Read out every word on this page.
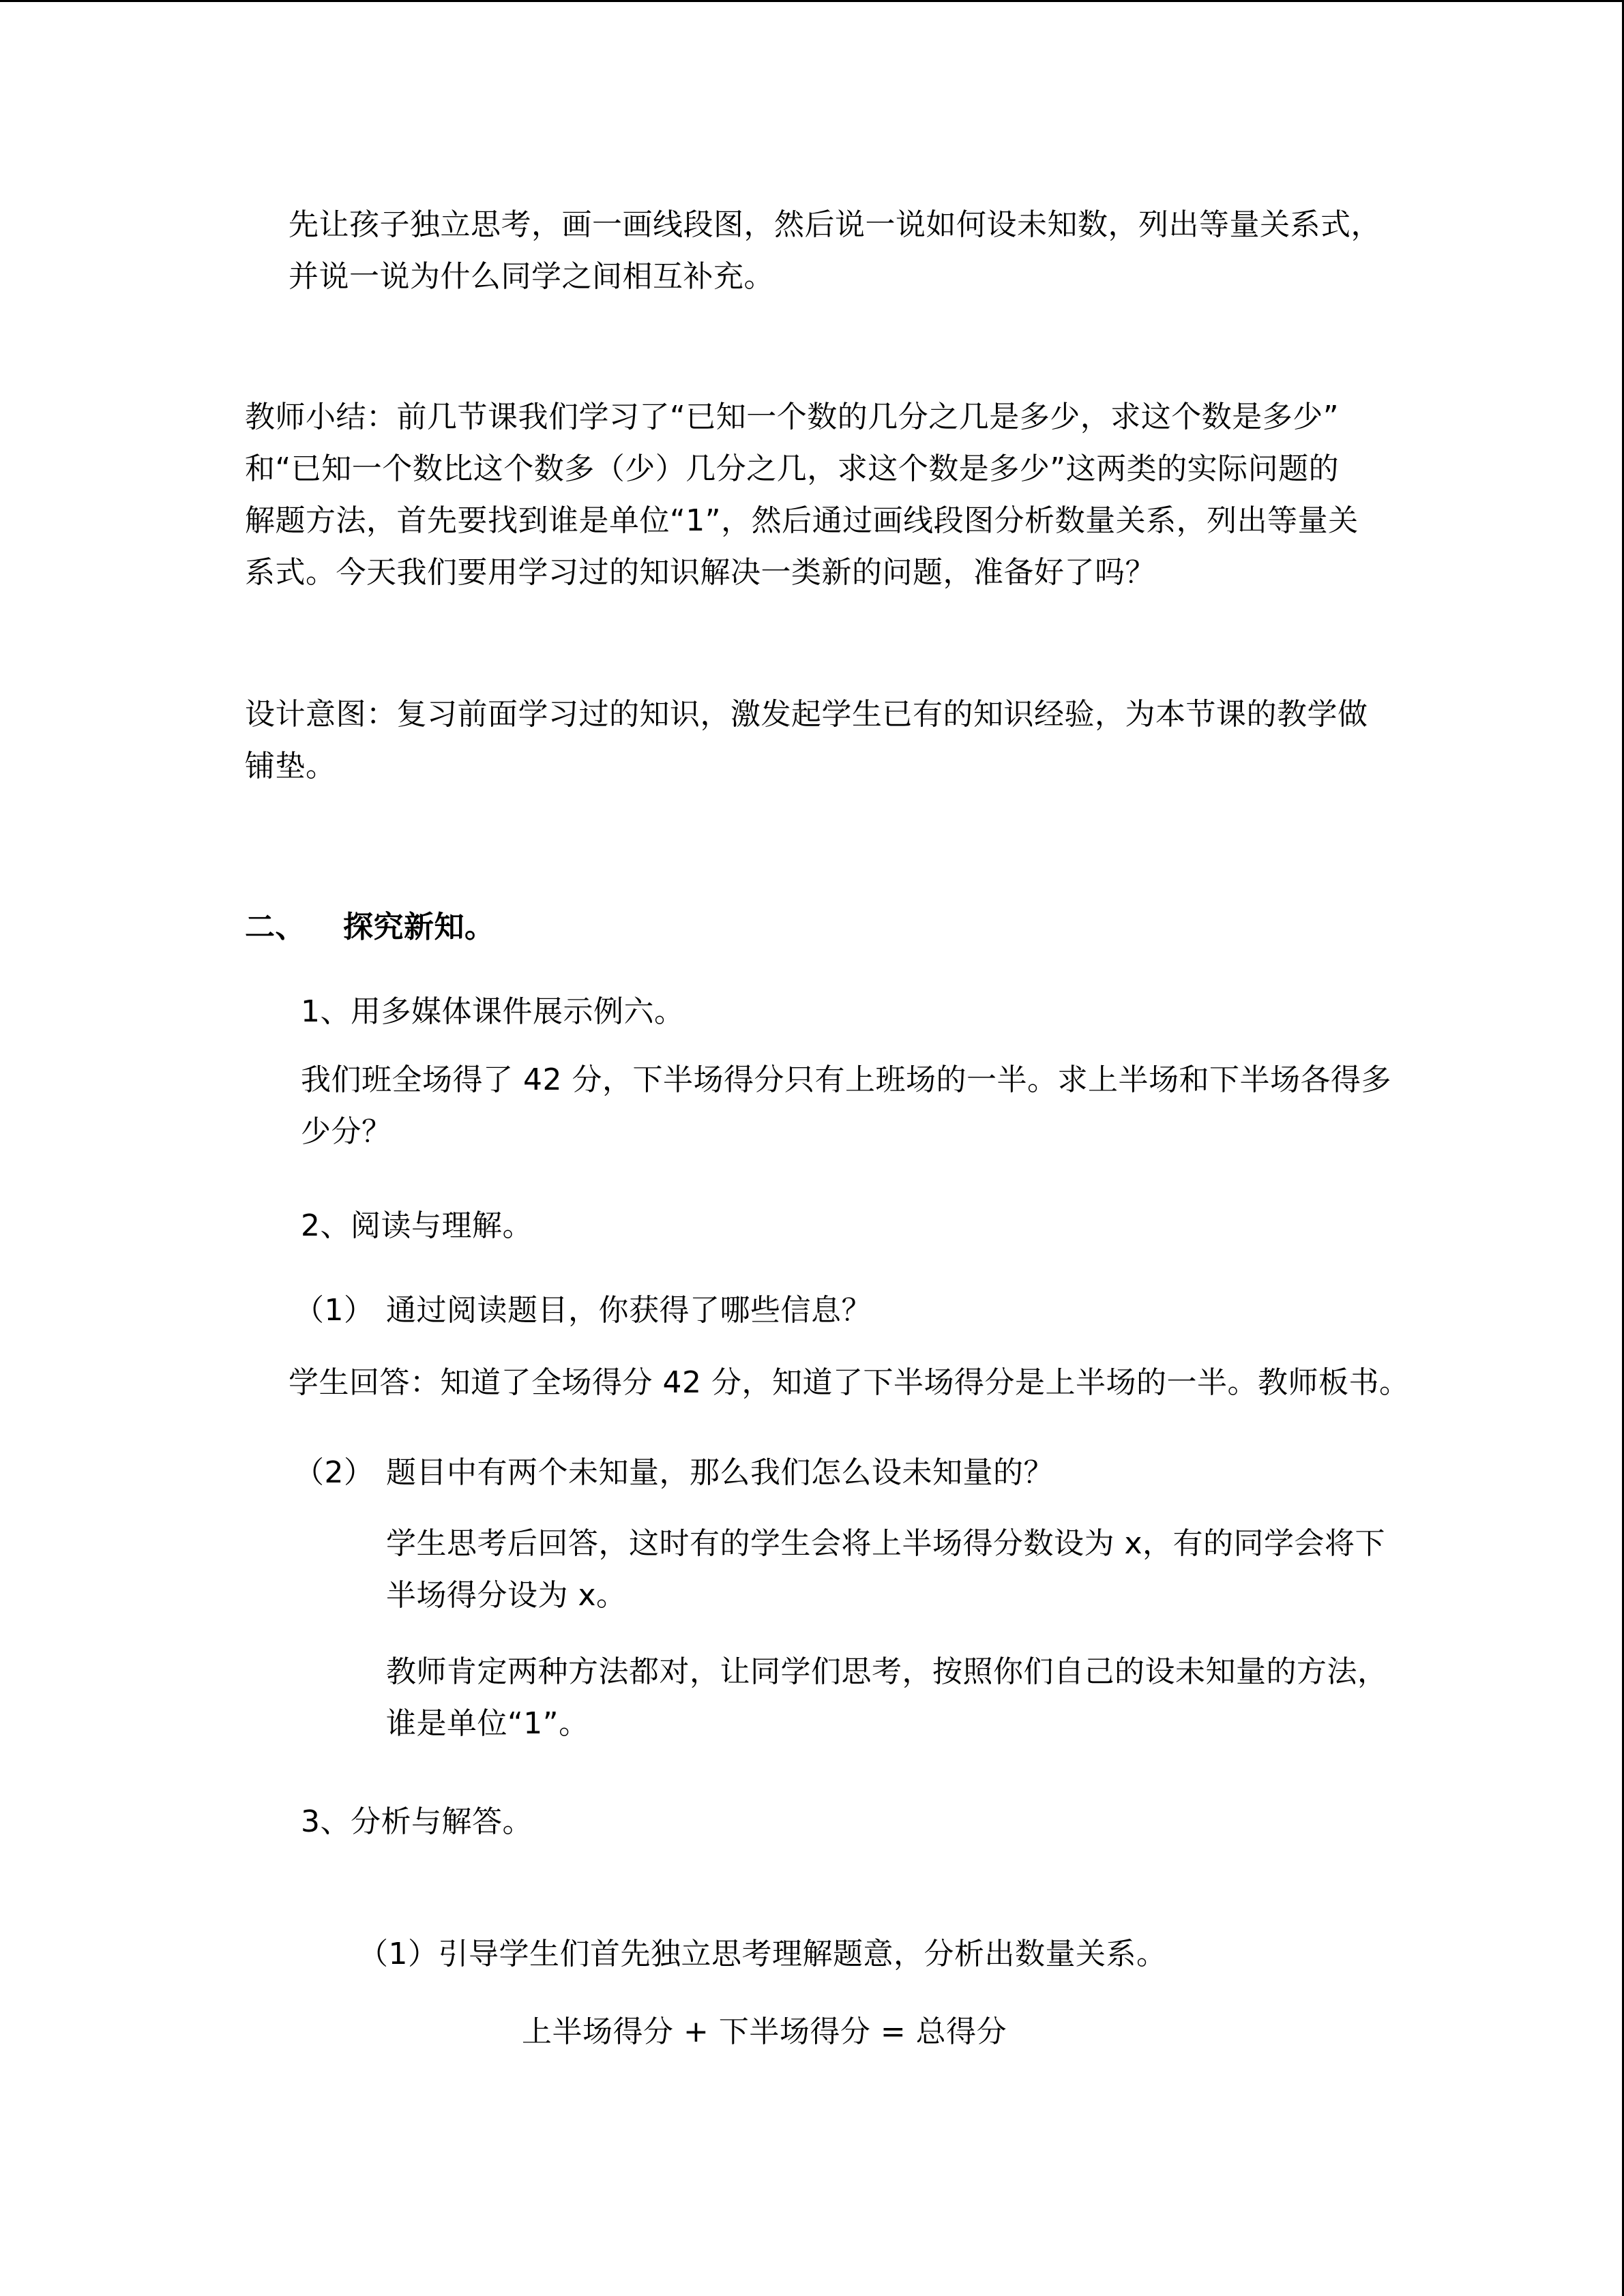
先让孩子独立思考，画一画线段图，然后说一说如何设未知数，列出等量关系式，
并说一说为什么同学之间相互补充。
教师小结：前几节课我们学习了“已知一个数的几分之几是多少，求这个数是多少”
和“已知一个数比这个数多（少）几分之几，求这个数是多少”这两类的实际问题的
解题方法，首先要找到谁是单位“1”，然后通过画线段图分析数量关系，列出等量关
系式。今天我们要用学习过的知识解决一类新的问题，准备好了吗？
设计意图：复习前面学习过的知识，激发起学生已有的知识经验，为本节课的教学做
铺垫。
二、 探究新知。
1、用多媒体课件展示例六。
我们班全场得了 42 分，下半场得分只有上班场的一半。求上半场和下半场各得多
少分？
2、阅读与理解。
（1） 通过阅读题目，你获得了哪些信息？
学生回答：知道了全场得分 42 分，知道了下半场得分是上半场的一半。教师板书。
（2） 题目中有两个未知量，那么我们怎么设未知量的？
学生思考后回答，这时有的学生会将上半场得分数设为 x，有的同学会将下
半场得分设为 x。
教师肯定两种方法都对，让同学们思考，按照你们自己的设未知量的方法，
谁是单位“1”。
3、分析与解答。
（1）引导学生们首先独立思考理解题意，分析出数量关系。
上半场得分 + 下半场得分 = 总得分
